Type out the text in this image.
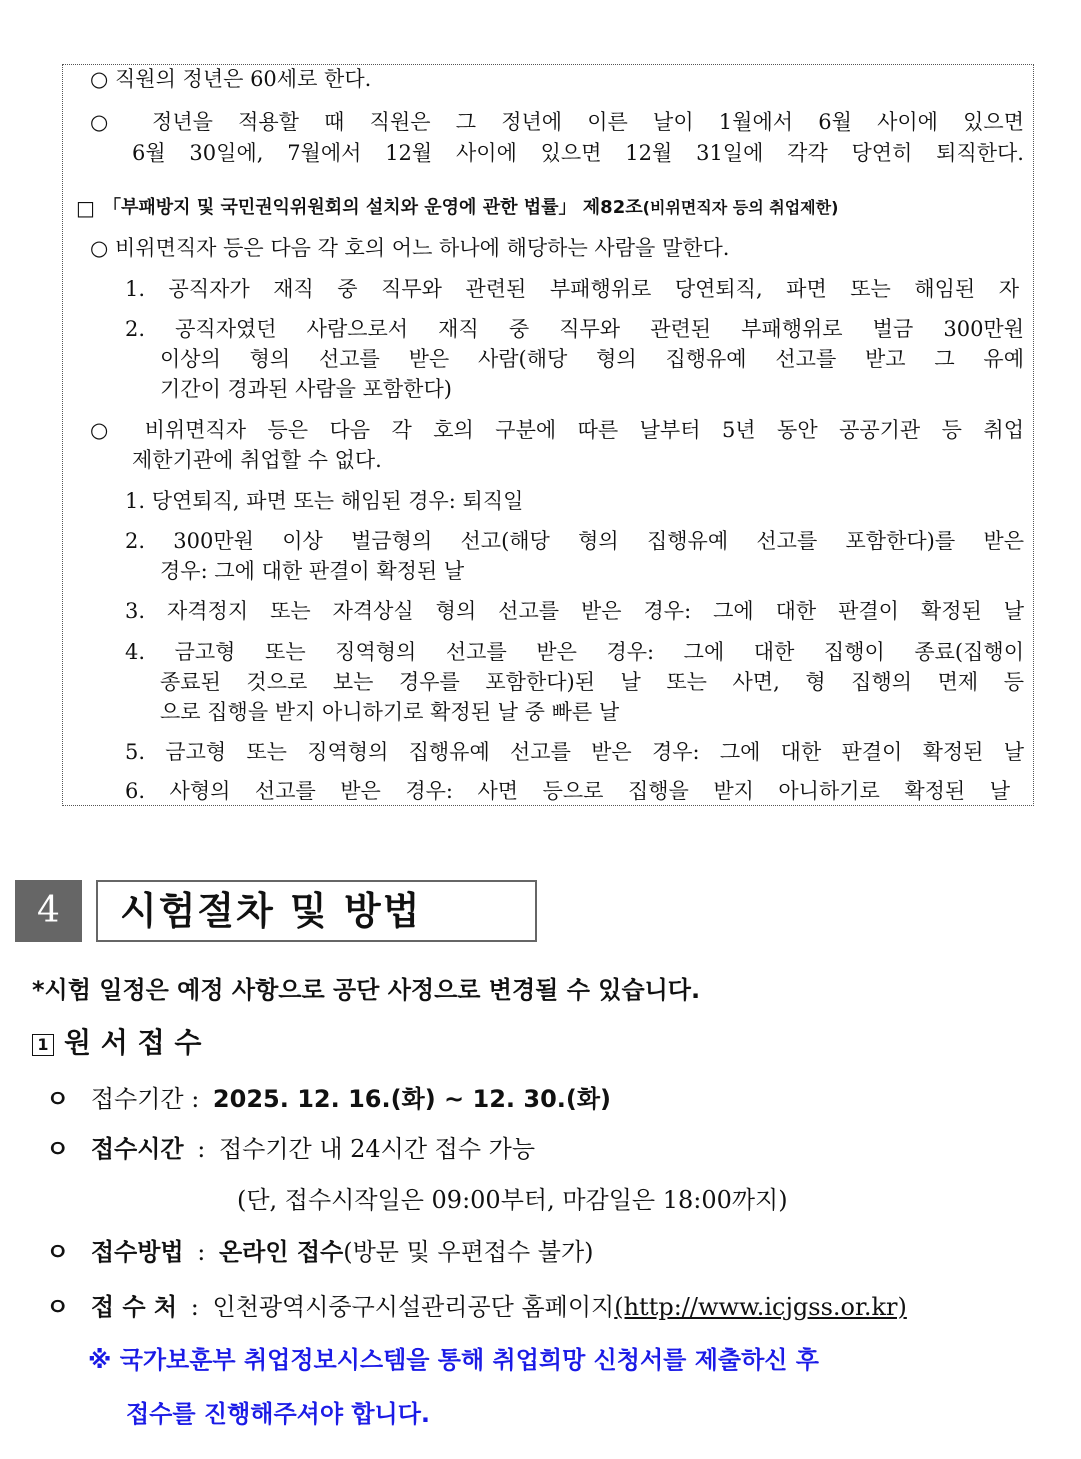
○ 직원의 정년은 60세로 한다.
○ 정년을 적용할 때 직원은 그 정년에 이른 날이 1월에서 6월 사이에 있으면
6월 30일에, 7월에서 12월 사이에 있으면 12월 31일에 각각 당연히 퇴직한다.
□ 「부패방지 및 국민권익위원회의 설치와 운영에 관한 법률」 제82조(비위면직자 등의 취업제한)
○ 비위면직자 등은 다음 각 호의 어느 하나에 해당하는 사람을 말한다.
1. 공직자가 재직 중 직무와 관련된 부패행위로 당연퇴직, 파면 또는 해임된 자
2. 공직자였던 사람으로서 재직 중 직무와 관련된 부패행위로 벌금 300만원
이상의 형의 선고를 받은 사람(해당 형의 집행유예 선고를 받고 그 유예
기간이 경과된 사람을 포함한다)
○ 비위면직자 등은 다음 각 호의 구분에 따른 날부터 5년 동안 공공기관 등 취업
제한기관에 취업할 수 없다.
1. 당연퇴직, 파면 또는 해임된 경우: 퇴직일
2. 300만원 이상 벌금형의 선고(해당 형의 집행유예 선고를 포함한다)를 받은
경우: 그에 대한 판결이 확정된 날
3. 자격정지 또는 자격상실 형의 선고를 받은 경우: 그에 대한 판결이 확정된 날
4. 금고형 또는 징역형의 선고를 받은 경우: 그에 대한 집행이 종료(집행이
종료된 것으로 보는 경우를 포함한다)된 날 또는 사면, 형 집행의 면제 등
으로 집행을 받지 아니하기로 확정된 날 중 빠른 날
5. 금고형 또는 징역형의 집행유예 선고를 받은 경우: 그에 대한 판결이 확정된 날
6. 사형의 선고를 받은 경우: 사면 등으로 집행을 받지 아니하기로 확정된 날
4	시험절차 및 방법
*시험 일정은 예정 사항으로 공단 사정으로 변경될 수 있습니다.
1 원 서 접 수
ㅇ 접수기간 : 2025. 12. 16.(화) ~ 12. 30.(화)
ㅇ 접수시간 : 접수기간 내 24시간 접수 가능
(단, 접수시작일은 09:00부터, 마감일은 18:00까지)
ㅇ 접수방법 : 온라인 접수(방문 및 우편접수 불가)
ㅇ 접 수 처 : 인천광역시중구시설관리공단 홈페이지(http://www.icjgss.or.kr)
※ 국가보훈부 취업정보시스템을 통해 취업희망 신청서를 제출하신 후
접수를 진행해주셔야 합니다.
